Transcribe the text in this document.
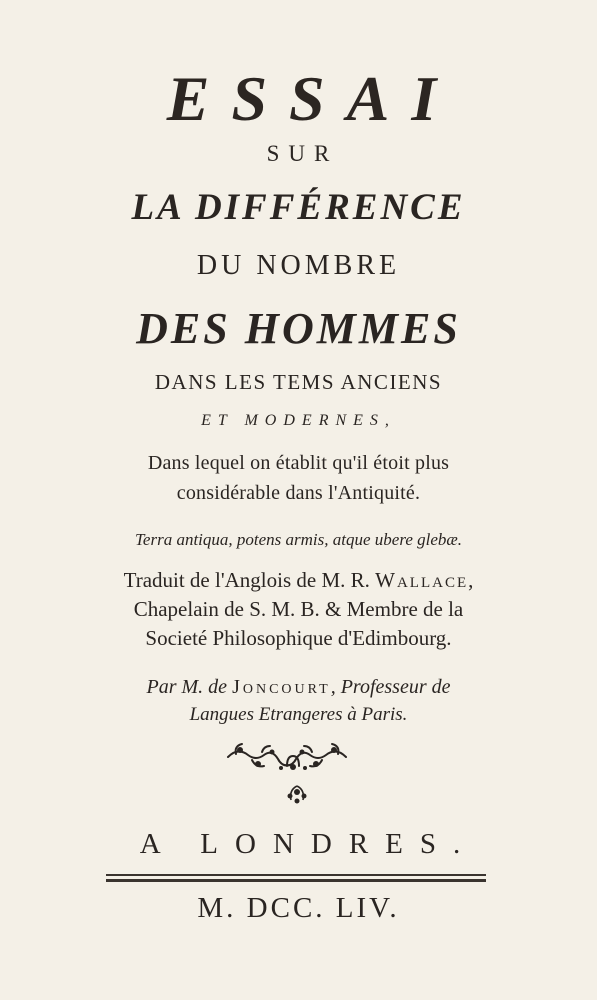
ESSAI
SUR
LA DIFFÉRENCE
DU NOMBRE
DES HOMMES
DANS LES TEMS ANCIENS
ET MODERNES,
Dans lequel on établit qu'il étoit plus
considérable dans l'Antiquité.
Terra antiqua, potens armis, atque ubere glebæ.
Traduit de l'Anglois de M. R. Wallace,
Chapelain de S. M. B. & Membre de la
Societé Philosophique d'Edimbourg.
Par M. de Joncourt, Professeur de
Langues Etrangeres à Paris.
A LONDRES.
M. DCC. LIV.
